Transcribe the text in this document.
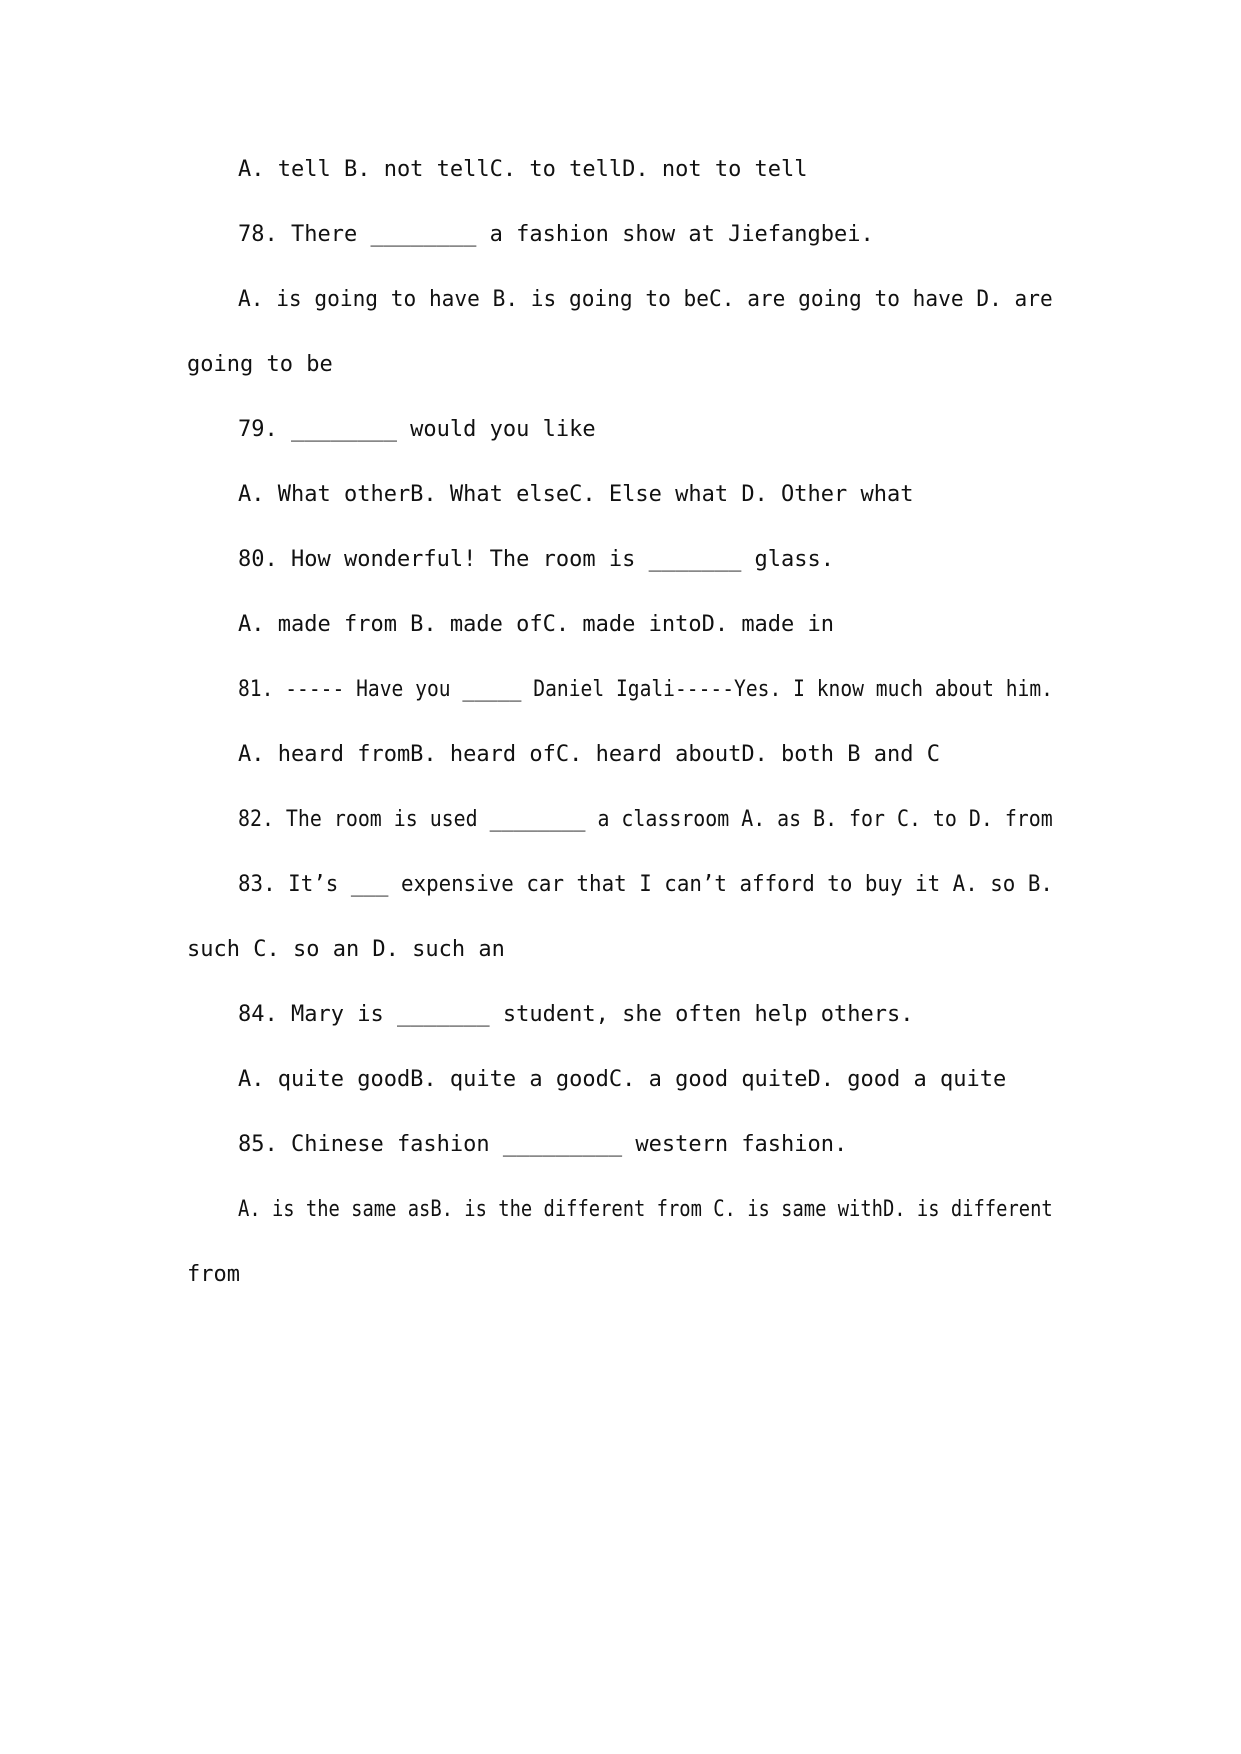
A. tell B. not tellC. to tellD. not to tell
78. There ________ a fashion show at Jiefangbei.
A. is going to have B. is going to beC. are going to have D. are
going to be
79. ________ would you like
A. What otherB. What elseC. Else what D. Other what
80. How wonderful! The room is _______ glass.
A. made from B. made ofC. made intoD. made in
81. ----- Have you _____ Daniel Igali-----Yes. I know much about him.
A. heard fromB. heard ofC. heard aboutD. both B and C
82. The room is used ________ a classroom A. as B. for C. to D. from
83. It’s ___ expensive car that I can’t afford to buy it A. so B.
such C. so an D. such an
84. Mary is _______ student, she often help others.
A. quite goodB. quite a goodC. a good quiteD. good a quite
85. Chinese fashion _________ western fashion.
A. is the same asB. is the different from C. is same withD. is different
from
